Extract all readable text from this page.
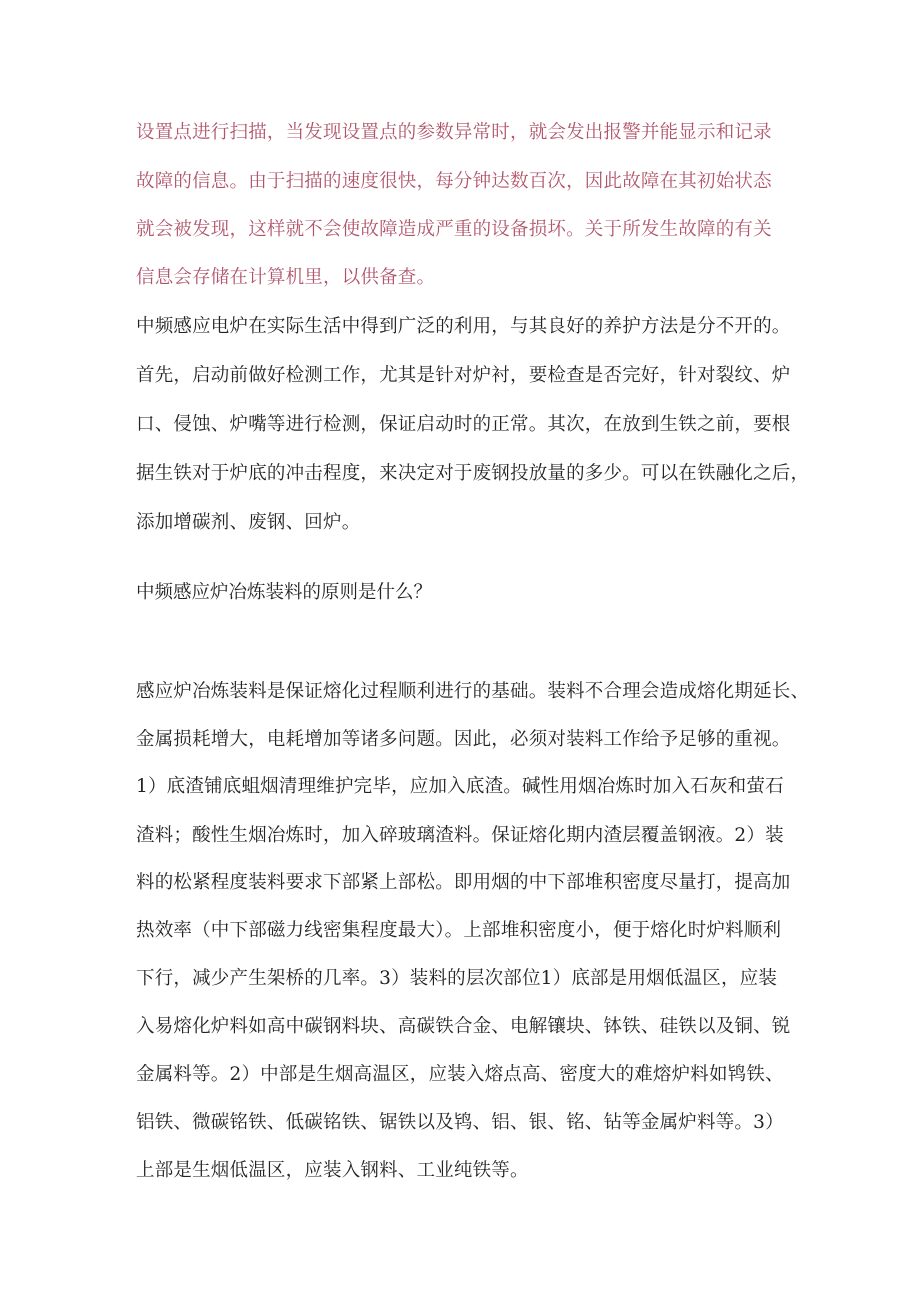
设置点进行扫描，当发现设置点的参数异常时，就会发出报警并能显示和记录
故障的信息。由于扫描的速度很快，每分钟达数百次，因此故障在其初始状态
就会被发现，这样就不会使故障造成严重的设备损坏。关于所发生故障的有关
信息会存储在计算机里，以供备查。
中频感应电炉在实际生活中得到广泛的利用，与其良好的养护方法是分不开的。
首先，启动前做好检测工作，尤其是针对炉衬，要检查是否完好，针对裂纹、炉
口、侵蚀、炉嘴等进行检测，保证启动时的正常。其次，在放到生铁之前，要根
据生铁对于炉底的冲击程度，来决定对于废钢投放量的多少。可以在铁融化之后，
添加增碳剂、废钢、回炉。
中频感应炉冶炼装料的原则是什么？
感应炉冶炼装料是保证熔化过程顺利进行的基础。装料不合理会造成熔化期延长、
金属损耗增大，电耗增加等诸多问题。因此，必须对装料工作给予足够的重视。
1）底渣铺底蛆烟清理维护完毕，应加入底渣。碱性用烟冶炼时加入石灰和萤石
渣料；酸性生烟冶炼时，加入碎玻璃渣料。保证熔化期内渣层覆盖钢液。2）装
料的松紧程度装料要求下部紧上部松。即用烟的中下部堆积密度尽量打，提高加
热效率（中下部磁力线密集程度最大）。上部堆积密度小，便于熔化时炉料顺利
下行，减少产生架桥的几率。3）装料的层次部位1）底部是用烟低温区，应装
入易熔化炉料如高中碳钢料块、高碳铁合金、电解镶块、钵铁、硅铁以及铜、锐
金属料等。2）中部是生烟高温区，应装入熔点高、密度大的难熔炉料如鸨铁、
铝铁、微碳铭铁、低碳铭铁、锯铁以及鸨、铝、银、铭、钻等金属炉料等。3）
上部是生烟低温区，应装入钢料、工业纯铁等。
